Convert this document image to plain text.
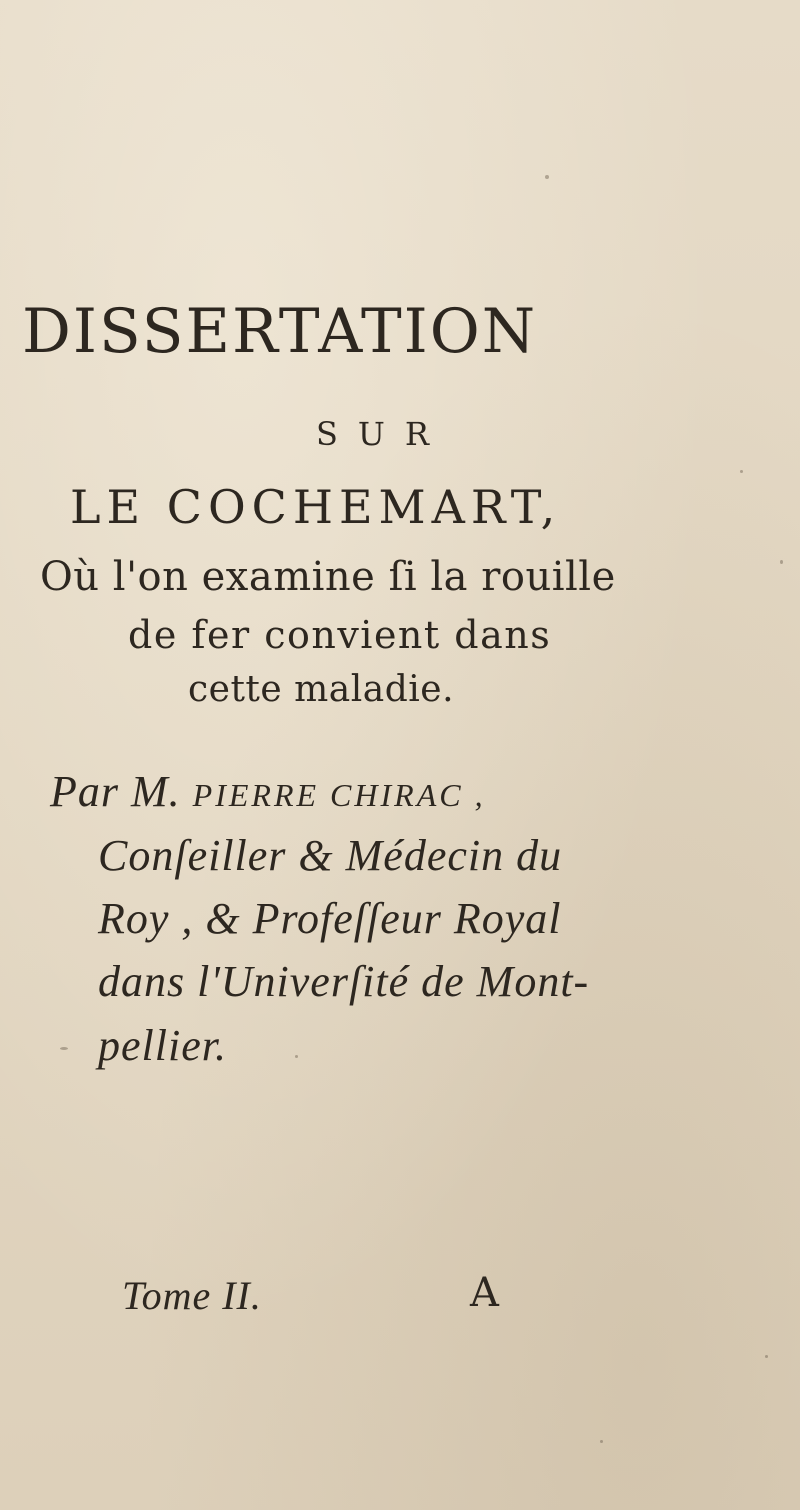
DISSERTATION
SUR
LE COCHEMART,
Où l'on examine ſi la rouille
de fer convient dans
cette maladie.
Par M. PIERRE CHIRAC ,
Conſeiller & Médecin du
Roy , & Profeſſeur Royal
dans l'Univerſité de Mont-
pellier.
Tome II.	A
